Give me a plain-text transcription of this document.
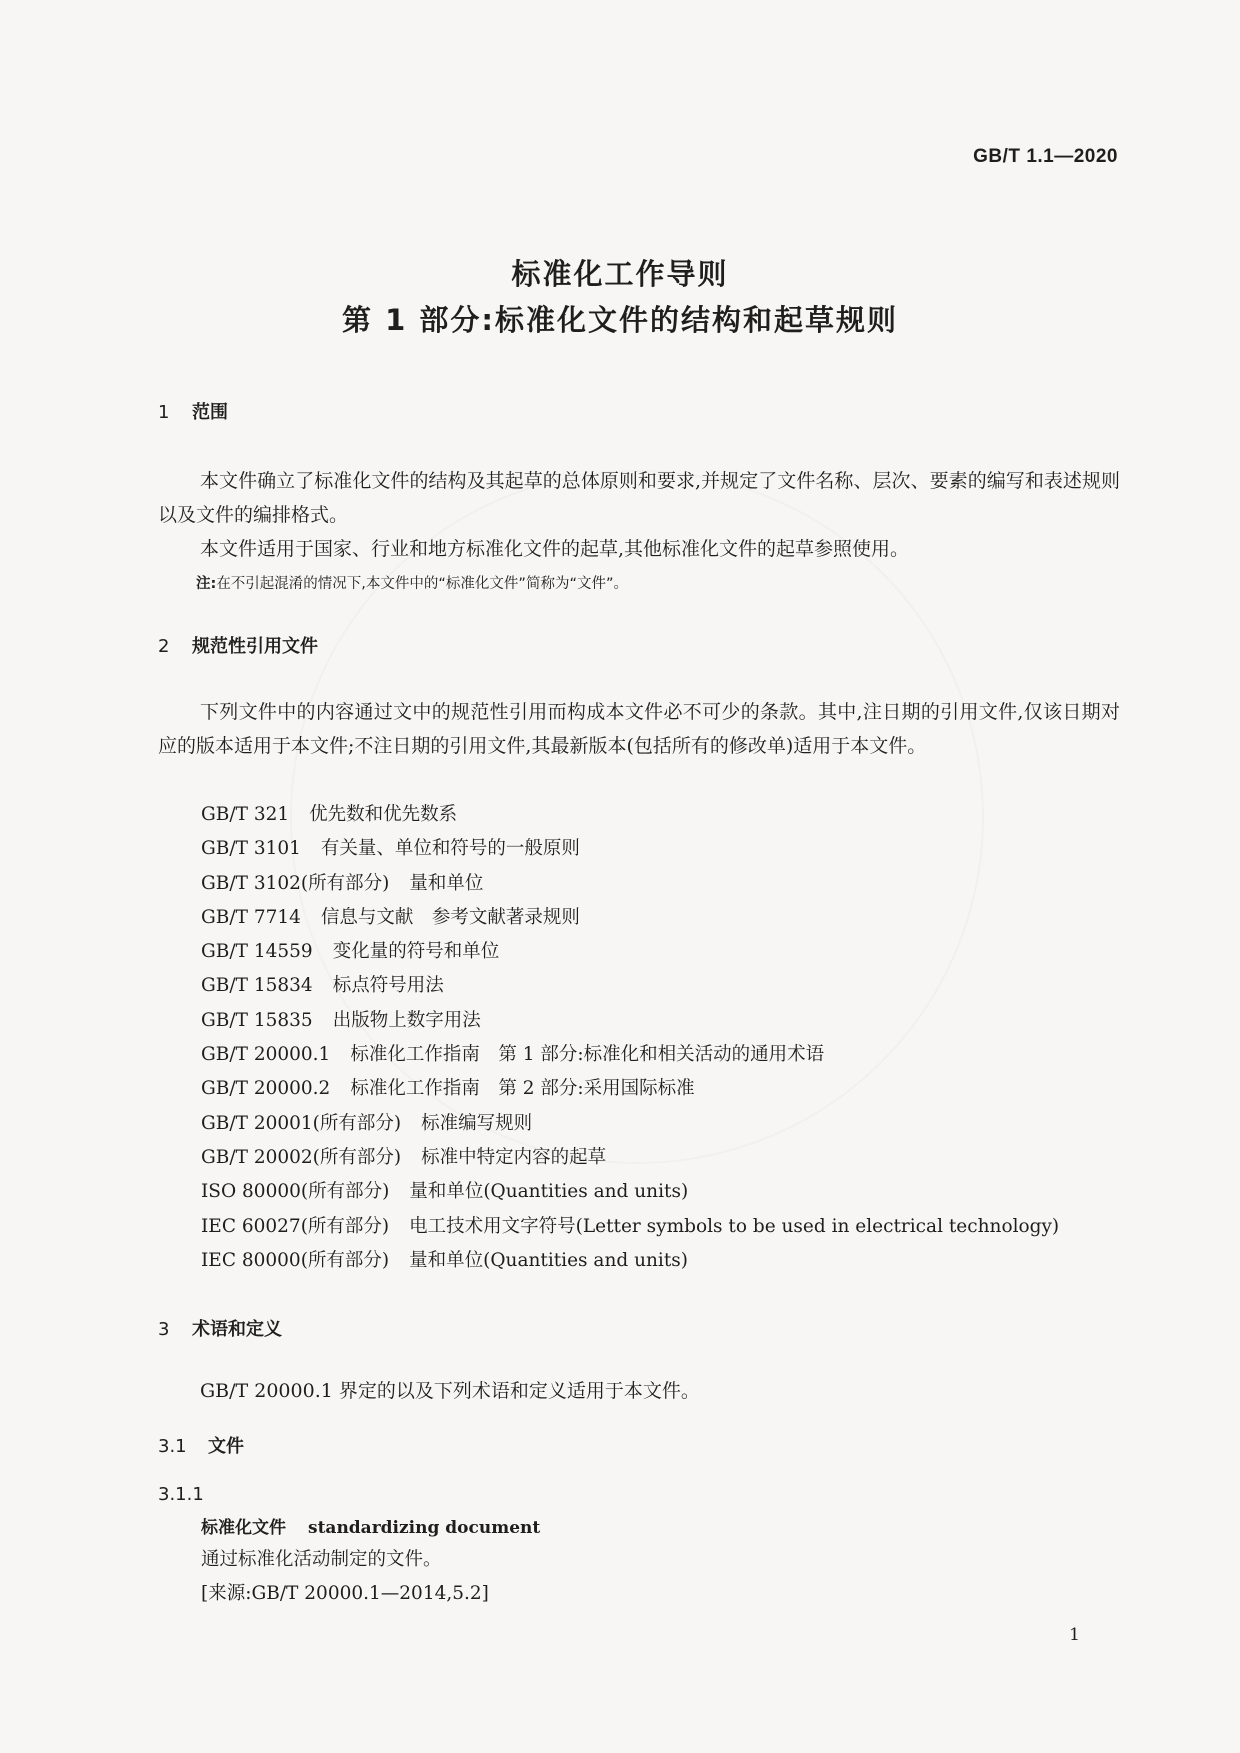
GB/T 1.1—2020
标准化工作导则
第 1 部分:标准化文件的结构和起草规则
1 范围
本文件确立了标准化文件的结构及其起草的总体原则和要求,并规定了文件名称、层次、要素的编写和表述规则以及文件的编排格式。
本文件适用于国家、行业和地方标准化文件的起草,其他标准化文件的起草参照使用。
注:在不引起混淆的情况下,本文件中的“标准化文件”简称为“文件”。
2 规范性引用文件
下列文件中的内容通过文中的规范性引用而构成本文件必不可少的条款。其中,注日期的引用文件,仅该日期对应的版本适用于本文件;不注日期的引用文件,其最新版本(包括所有的修改单)适用于本文件。
GB/T 321 优先数和优先数系
GB/T 3101 有关量、单位和符号的一般原则
GB/T 3102(所有部分) 量和单位
GB/T 7714 信息与文献　参考文献著录规则
GB/T 14559 变化量的符号和单位
GB/T 15834 标点符号用法
GB/T 15835 出版物上数字用法
GB/T 20000.1 标准化工作指南　第 1 部分:标准化和相关活动的通用术语
GB/T 20000.2 标准化工作指南　第 2 部分:采用国际标准
GB/T 20001(所有部分) 标准编写规则
GB/T 20002(所有部分) 标准中特定内容的起草
ISO 80000(所有部分) 量和单位(Quantities and units)
IEC 60027(所有部分) 电工技术用文字符号(Letter symbols to be used in electrical technology)
IEC 80000(所有部分) 量和单位(Quantities and units)
3 术语和定义
GB/T 20000.1 界定的以及下列术语和定义适用于本文件。
3.1 文件
3.1.1
标准化文件 standardizing document
通过标准化活动制定的文件。
[来源:GB/T 20000.1—2014,5.2]
1
